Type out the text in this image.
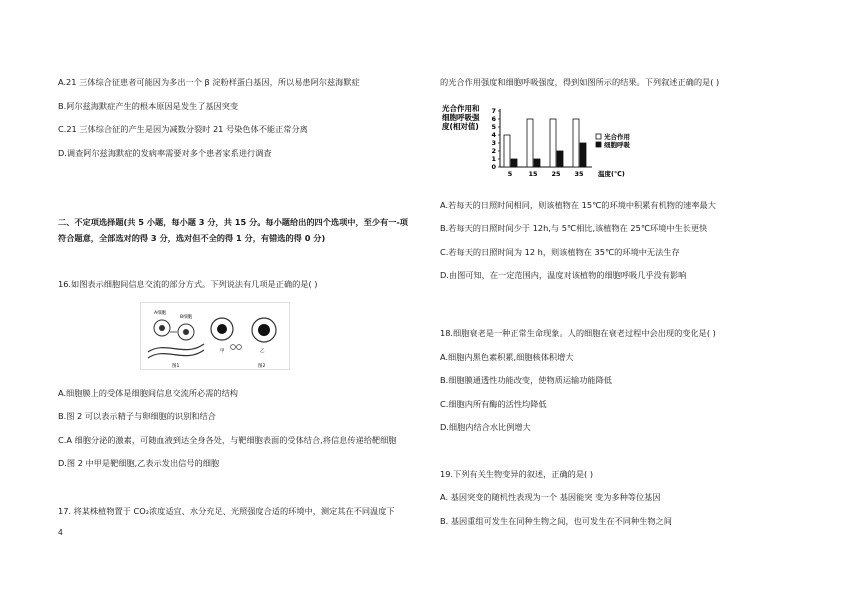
A.21 三体综合征患者可能因为多出一个 β 淀粉样蛋白基因，所以易患阿尔兹海默症
B.阿尔兹海默症产生的根本原因是发生了基因突变
C.21 三体综合征的产生是因为减数分裂时 21 号染色体不能正常分离
D.调查阿尔兹海默症的发病率需要对多个患者家系进行调查
二、不定项选择题(共 5 小题，每小题 3 分，共 15 分。每小题给出的四个选项中，至少有一-项
符合题意，全部选对的得 3 分，选对但不全的得 1 分，有错选的得 0 分)
16.如图表示细胞间信息交流的部分方式。下列说法有几项是正确的是( )
A细胞
B细胞
图1
甲	乙
图2
A.细胞膜上的受体是细胞间信息交流所必需的结构
B.图 2 可以表示精子与卵细胞的识别和结合
C.A 细胞分泌的激素，可随血液到达全身各处，与靶细胞表面的受体结合,将信息传递给靶细胞
D.图 2 中甲是靶细胞,乙表示发出信号的细胞
17. 将某株植物置于 CO₂浓度适宜、水分充足、光照强度合适的环境中，测定其在不同温度下
4
的光合作用强度和细胞呼吸强度，得到如图所示的结果。下列叙述正确的是( )
光合作用和
细胞呼吸强
度(相对值)
0
1
2
3
4
5
6
7
5 15 25 35 温度(℃)
光合作用
细胞呼吸
A.若每天的日照时间相同，则该植物在 15℃的环境中积累有机物的速率最大
B.若每天的日照时间少于 12h,与 5℃相比,该植物在 25℃环境中生长更快
C.若每天的日照时间为 12 h，则该植物在 35℃的环境中无法生存
D.由图可知，在一定范围内，温度对该植物的细胞呼吸几乎没有影响
18.细胞衰老是一种正常生命现象。人的细胞在衰老过程中会出现的变化是( )
A.细胞内黑色素积累,细胞核体积增大
B.细胞膜通透性功能改变，使物质运输功能降低
C.细胞内所有酶的活性均降低
D.细胞内结合水比例增大
19.下列有关生物变异的叙述，正确的是( )
A. 基因突变的随机性表现为一个 基因能突 变为多种等位基因
B. 基因重组可发生在同种生物之间，也可发生在不同种生物之间
